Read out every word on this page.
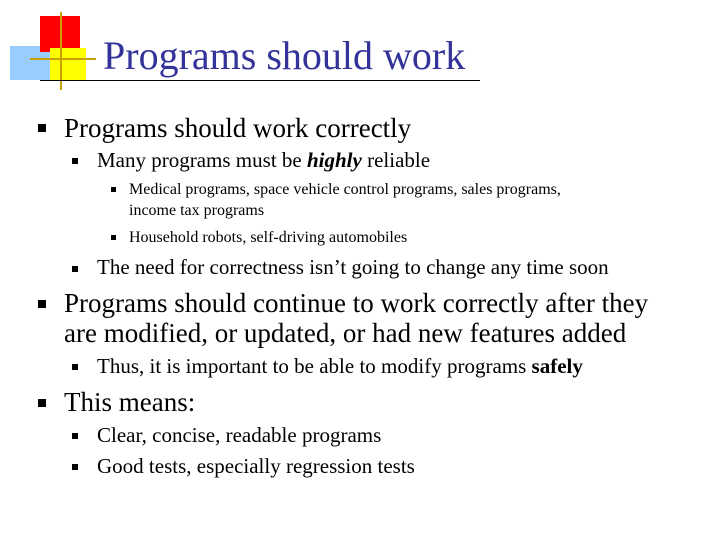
Programs should work
Programs should work correctly
Many programs must be highly reliable
Medical programs, space vehicle control programs, sales programs,
income tax programs
Household robots, self-driving automobiles
The need for correctness isn’t going to change any time soon
Programs should continue to work correctly after they
are modified, or updated, or had new features added
Thus, it is important to be able to modify programs safely
This means:
Clear, concise, readable programs
Good tests, especially regression tests
